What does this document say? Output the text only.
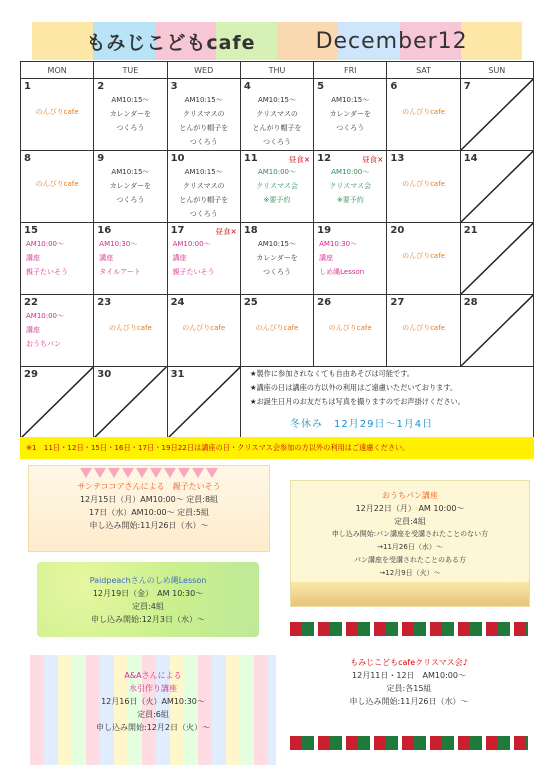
もみじこどもcafe	December12
MON	TUE	WED	THU	FRI	SAT	SUN

1
のんびりcafe	2
AM10:15～
カレンダーを
つくろう	3
AM10:15～
クリスマスの
とんがり帽子を
つくろう	4
AM10:15～
クリスマスの
とんがり帽子を
つくろう	5
AM10:15～
カレンダーを
つくろう	6
のんびりcafe	7

8
のんびりcafe	9
AM10:15～
カレンダーを
つくろう	10
AM10:15～
クリスマスの
とんがり帽子を
つくろう	11 昼食×
AM10:00～
クリスマス会
※要予約	12 昼食×
AM10:00～
クリスマス会
※要予約	13
のんびりcafe	14

15
AM10:00～
講座
親子たいそう	16
AM10:30～
講座
タイルアート	17 昼食×
AM10:00～
講座
親子たいそう	18
AM10:15～
カレンダーを
つくろう	19
AM10:30～
講座
しめ縄Lesson	20
のんびりcafe	21

22
AM10:00～
講座
おうちパン	23
のんびりcafe	24
のんびりcafe	25
のんびりcafe	26
のんびりcafe	27
のんびりcafe	28

29	30	31				
		★製作に参加されなくても自由あそびは可能です。
★講座の日は講座の方以外の利用はご遠慮いただいております。
★お誕生日月のお友だちは写真を撮りますのでお声掛けください。
冬休み　12月29日～1月4日
※1　11日・12日・15日・16日・17日・19日22日は講座の日・クリスマス会参加の方以外の利用はご遠慮ください。
サンテココアさんによる　親子たいそう
12月15日（月）AM10:00～ 定員:8組
17日（水）AM10:00～ 定員:5組
申し込み開始:11月26日（水）～
Paidpeachさんのしめ縄Lesson
12月19日（金）　AM 10:30～
定員:4組
申し込み開始:12月3日（水）～
A&Aさんによる
水引作り講座
12月16日（火）AM10:30～
定員:6組
申し込み開始:12月2日（火）～
おうちパン講座
12月22日（月） AM 10:00～
定員:4組
申し込み開始:パン講座を受講されたことのない方
→11月26日（水）～
パン講座を受講されたことのある方
→12月9日（火）～
もみじこどもcafeクリスマス会♪
12月11日・12日　AM10:00～
定員:各15組
申し込み開始:11月26日（水）～
